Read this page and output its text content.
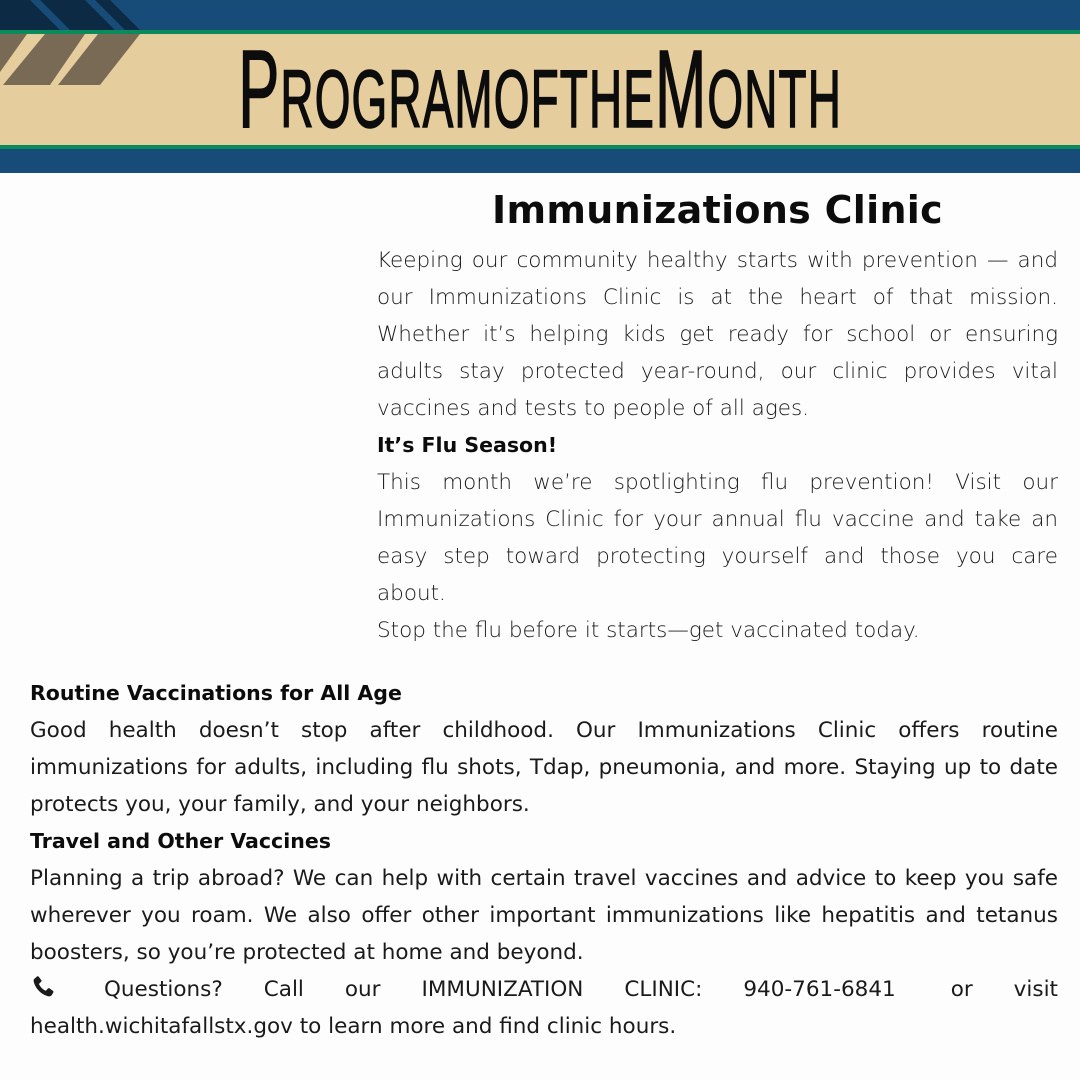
PROGRAMOFTHEMONTH
Immunizations Clinic

Keeping our community healthy starts with prevention — and our Immunizations Clinic is at the heart of that mission. Whether it’s helping kids get ready for school or ensuring adults stay protected year-round, our clinic provides vital vaccines and tests to people of all ages.

It’s Flu Season!

This month we’re spotlighting flu prevention! Visit our Immunizations Clinic for your annual flu vaccine and take an easy step toward protecting yourself and those you care about.

Stop the flu before it starts—get vaccinated today.

Routine Vaccinations for All Age

Good health doesn’t stop after childhood. Our Immunizations Clinic offers routine immunizations for adults, including flu shots, Tdap, pneumonia, and more. Staying up to date protects you, your family, and your neighbors.

Travel and Other Vaccines

Planning a trip abroad? We can help with certain travel vaccines and advice to keep you safe wherever you roam. We also offer other important immunizations like hepatitis and tetanus boosters, so you’re protected at home and beyond.

Questions? Call our IMMUNIZATION CLINIC: 940-761-6841	or visit health.wichitafallstx.gov to learn more and find clinic hours.
